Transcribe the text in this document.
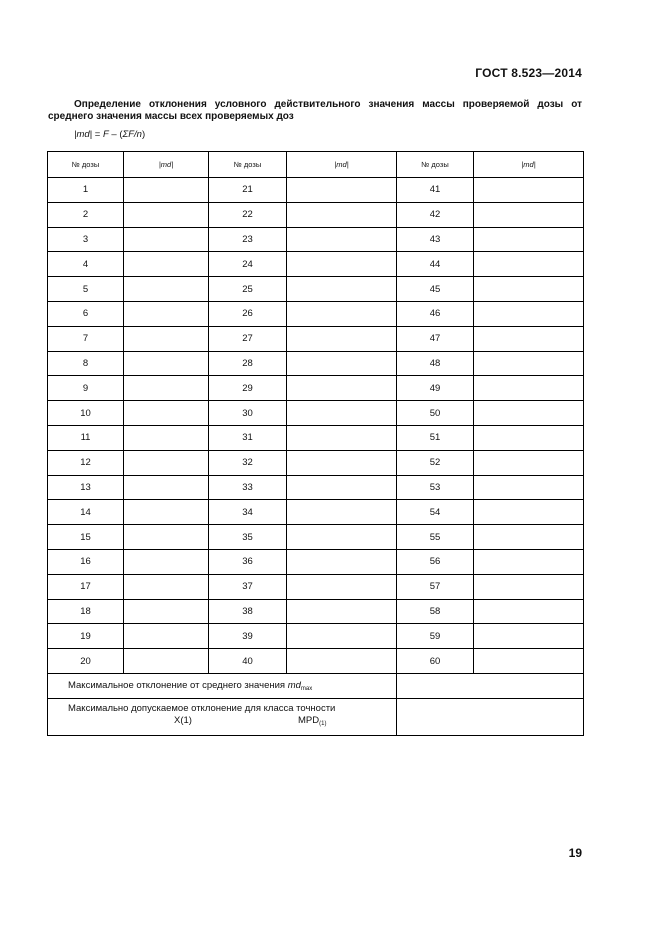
ГОСТ 8.523—2014
Определение отклонения условного действительного значения массы проверяемой дозы от
среднего значения массы всех проверяемых доз
|md| = F – (ΣF/n)
№ дозы	|md|	№ дозы	|md|	№ дозы	|md|
1		21		41	
2		22		42	
3		23		43	
4		24		44	
5		25		45	
6		26		46	
7		27		47	
8		28		48	
9		29		49	
10		30		50	
11		31		51	
12		32		52	
13		33		53	
14		34		54	
15		35		55	
16		36		56	
17		37		57	
18		38		58	
19		39		59	
20		40		60	
Максимальное отклонение от среднего значения $md_{max}$	

Максимально допускаемое отклонение для класса точности
X(1) $MPD_{(1)}$

19
